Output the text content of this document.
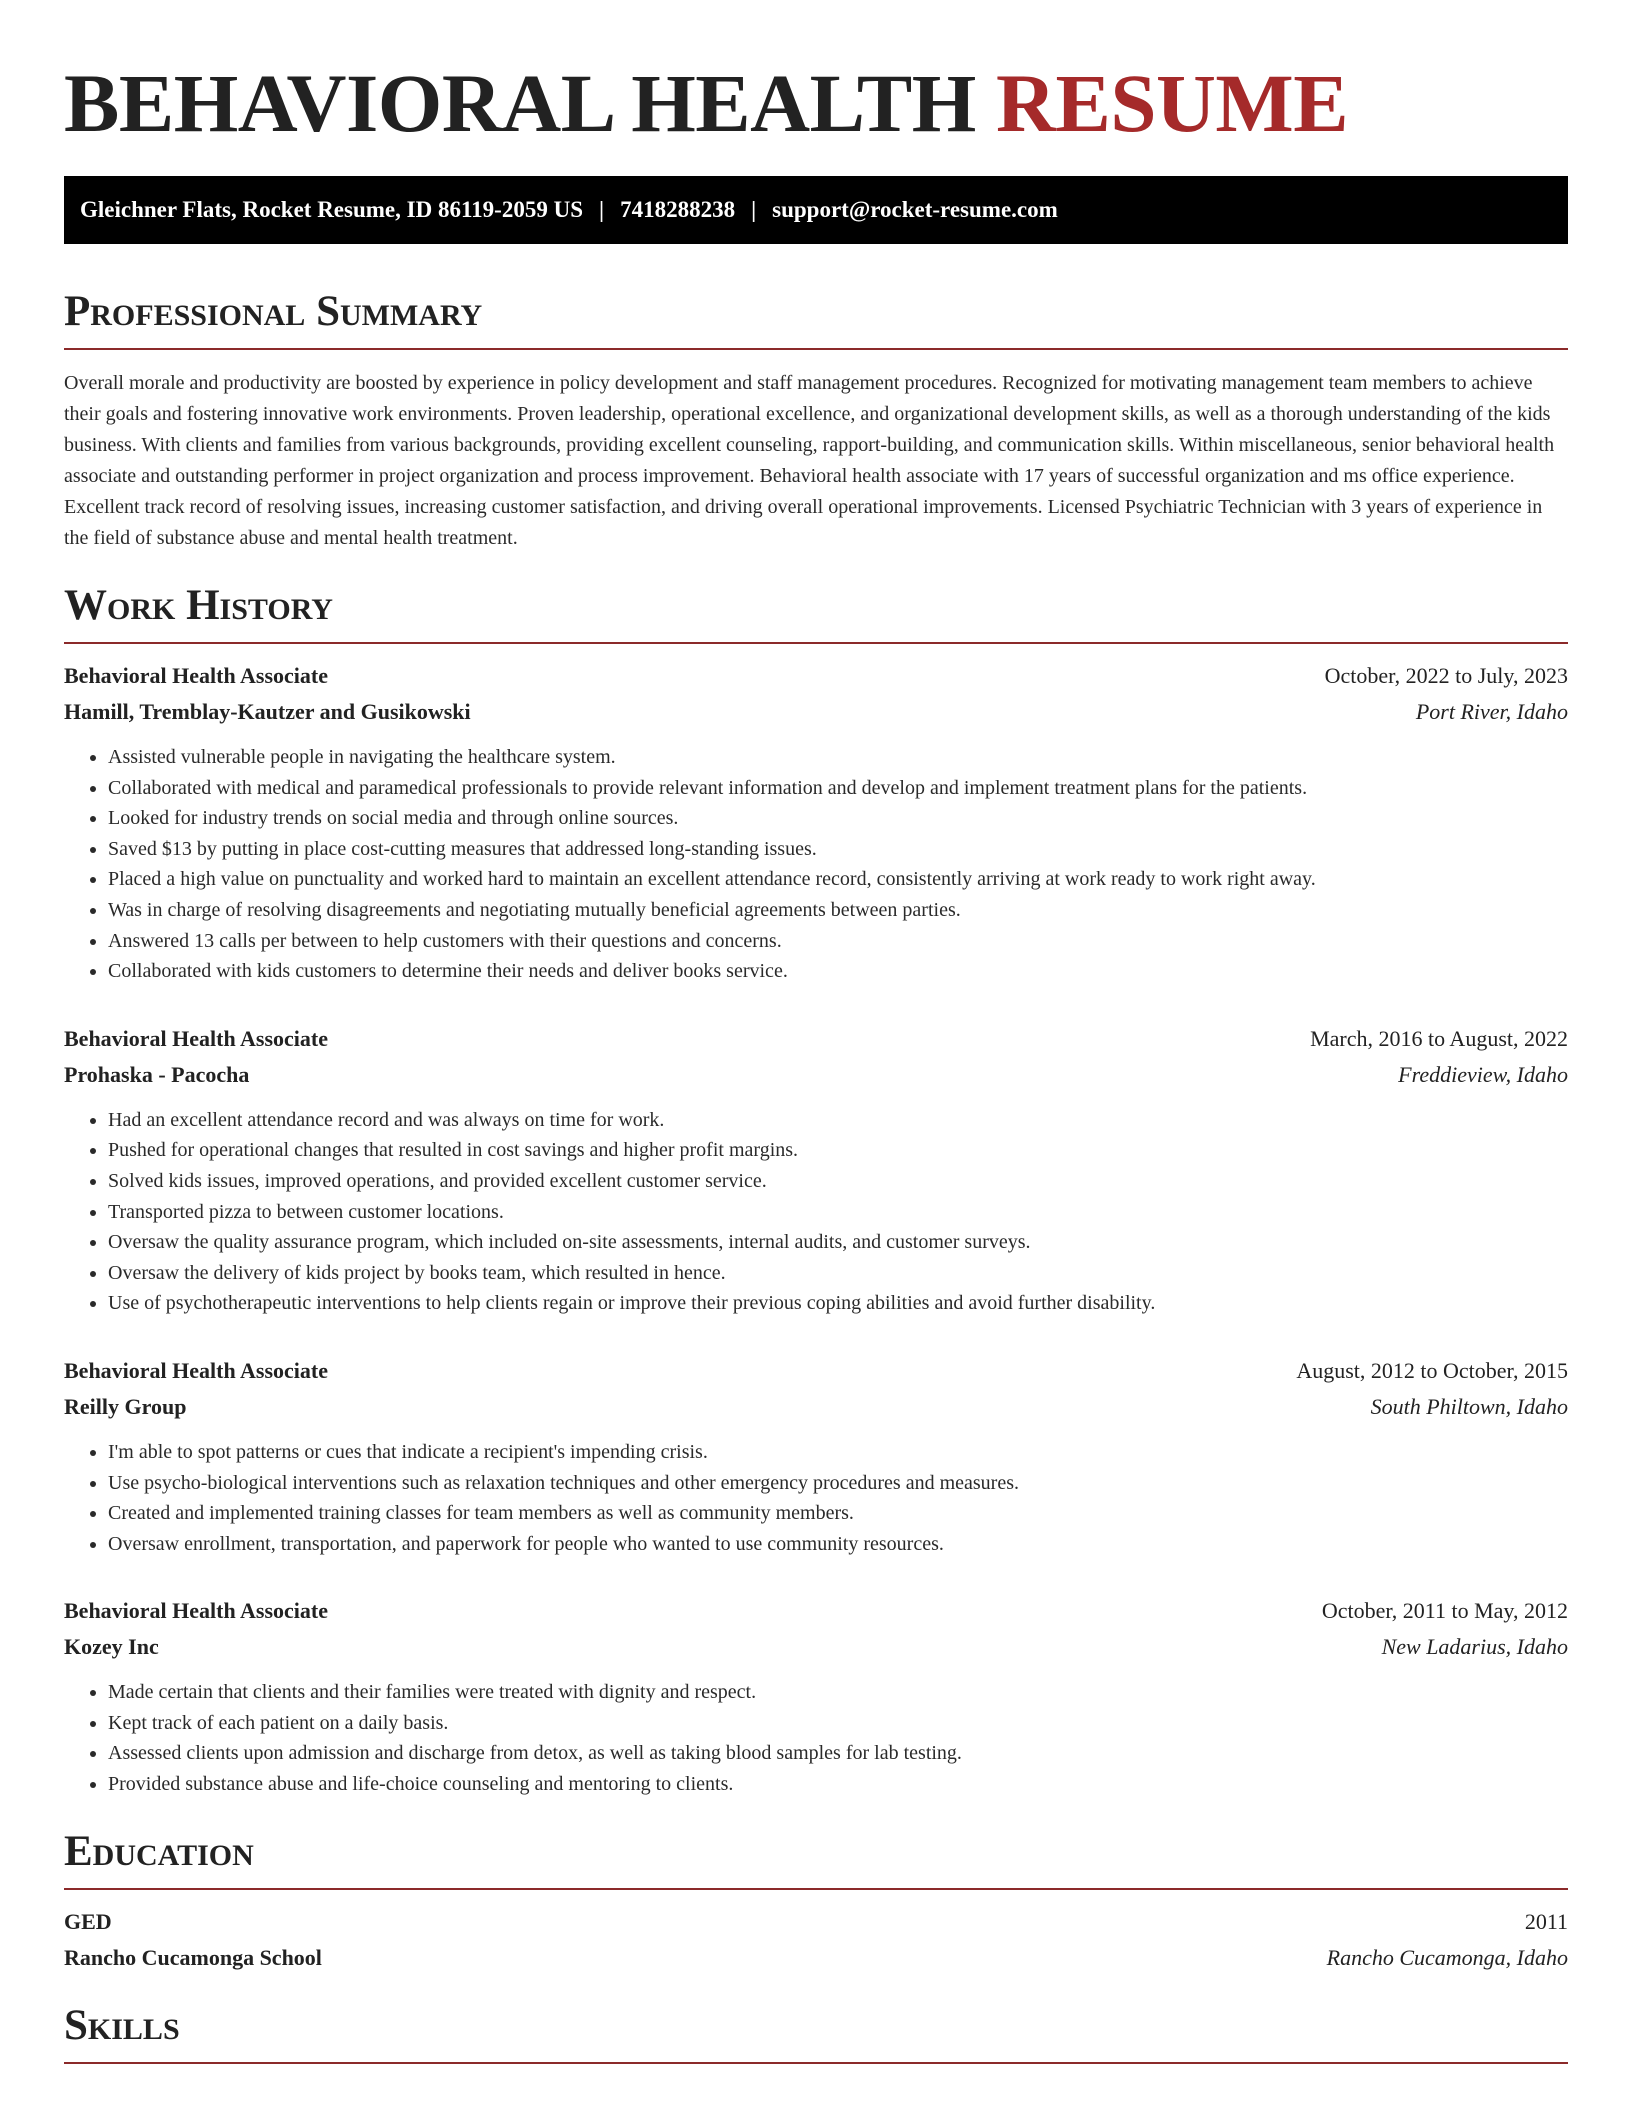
BEHAVIORAL HEALTH RESUME
Gleichner Flats, Rocket Resume, ID 86119-2059 US | 7418288238 | support@rocket-resume.com
Professional Summary

Overall morale and productivity are boosted by experience in policy development and staff management procedures. Recognized for motivating management team members to achieve their goals and fostering innovative work environments. Proven leadership, operational excellence, and organizational development skills, as well as a thorough understanding of the kids business. With clients and families from various backgrounds, providing excellent counseling, rapport-building, and communication skills. Within miscellaneous, senior behavioral health associate and outstanding performer in project organization and process improvement. Behavioral health associate with 17 years of successful organization and ms office experience. Excellent track record of resolving issues, increasing customer satisfaction, and driving overall operational improvements. Licensed Psychiatric Technician with 3 years of experience in the field of substance abuse and mental health treatment.

Work History
Behavioral Health Associate	October, 2022 to July, 2023
Hamill, Tremblay-Kautzer and Gusikowski	Port River, Idaho
• Assisted vulnerable people in navigating the healthcare system.
• Collaborated with medical and paramedical professionals to provide relevant information and develop and implement treatment plans for the patients.
• Looked for industry trends on social media and through online sources.
• Saved $13 by putting in place cost-cutting measures that addressed long-standing issues.
• Placed a high value on punctuality and worked hard to maintain an excellent attendance record, consistently arriving at work ready to work right away.
• Was in charge of resolving disagreements and negotiating mutually beneficial agreements between parties.
• Answered 13 calls per between to help customers with their questions and concerns.
• Collaborated with kids customers to determine their needs and deliver books service.
Behavioral Health Associate	March, 2016 to August, 2022
Prohaska - Pacocha	Freddieview, Idaho
• Had an excellent attendance record and was always on time for work.
• Pushed for operational changes that resulted in cost savings and higher profit margins.
• Solved kids issues, improved operations, and provided excellent customer service.
• Transported pizza to between customer locations.
• Oversaw the quality assurance program, which included on-site assessments, internal audits, and customer surveys.
• Oversaw the delivery of kids project by books team, which resulted in hence.
• Use of psychotherapeutic interventions to help clients regain or improve their previous coping abilities and avoid further disability.
Behavioral Health Associate	August, 2012 to October, 2015
Reilly Group	South Philtown, Idaho
• I'm able to spot patterns or cues that indicate a recipient's impending crisis.
• Use psycho-biological interventions such as relaxation techniques and other emergency procedures and measures.
• Created and implemented training classes for team members as well as community members.
• Oversaw enrollment, transportation, and paperwork for people who wanted to use community resources.
Behavioral Health Associate	October, 2011 to May, 2012
Kozey Inc	New Ladarius, Idaho
• Made certain that clients and their families were treated with dignity and respect.
• Kept track of each patient on a daily basis.
• Assessed clients upon admission and discharge from detox, as well as taking blood samples for lab testing.
• Provided substance abuse and life-choice counseling and mentoring to clients.
Education
GED	2011
Rancho Cucamonga School	Rancho Cucamonga, Idaho
Skills
